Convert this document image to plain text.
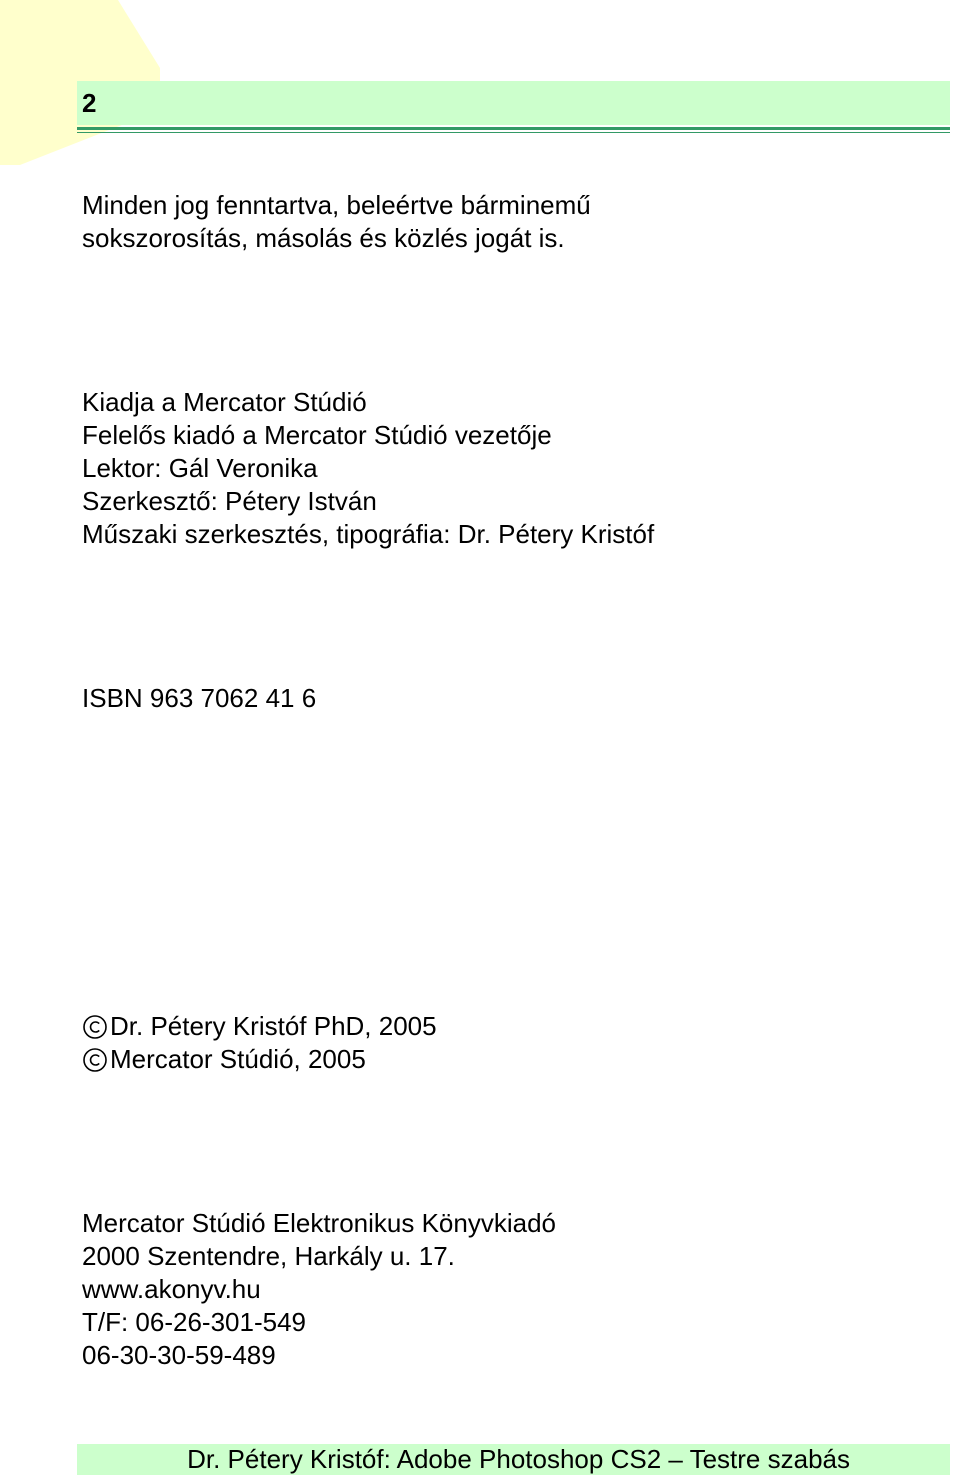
2
Minden jog fenntartva, beleértve bárminemű
sokszorosítás, másolás és közlés jogát is.
Kiadja a Mercator Stúdió
Felelős kiadó a Mercator Stúdió vezetője
Lektor: Gál Veronika
Szerkesztő: Pétery István
Műszaki szerkesztés, tipográfia: Dr. Pétery Kristóf
ISBN 963 7062 41 6
Dr. Pétery Kristóf PhD, 2005
Mercator Stúdió, 2005
Mercator Stúdió Elektronikus Könyvkiadó
2000 Szentendre, Harkály u. 17.
www.akonyv.hu
T/F: 06-26-301-549
06-30-30-59-489
Dr. Pétery Kristóf: Adobe Photoshop CS2 – Testre szabás
